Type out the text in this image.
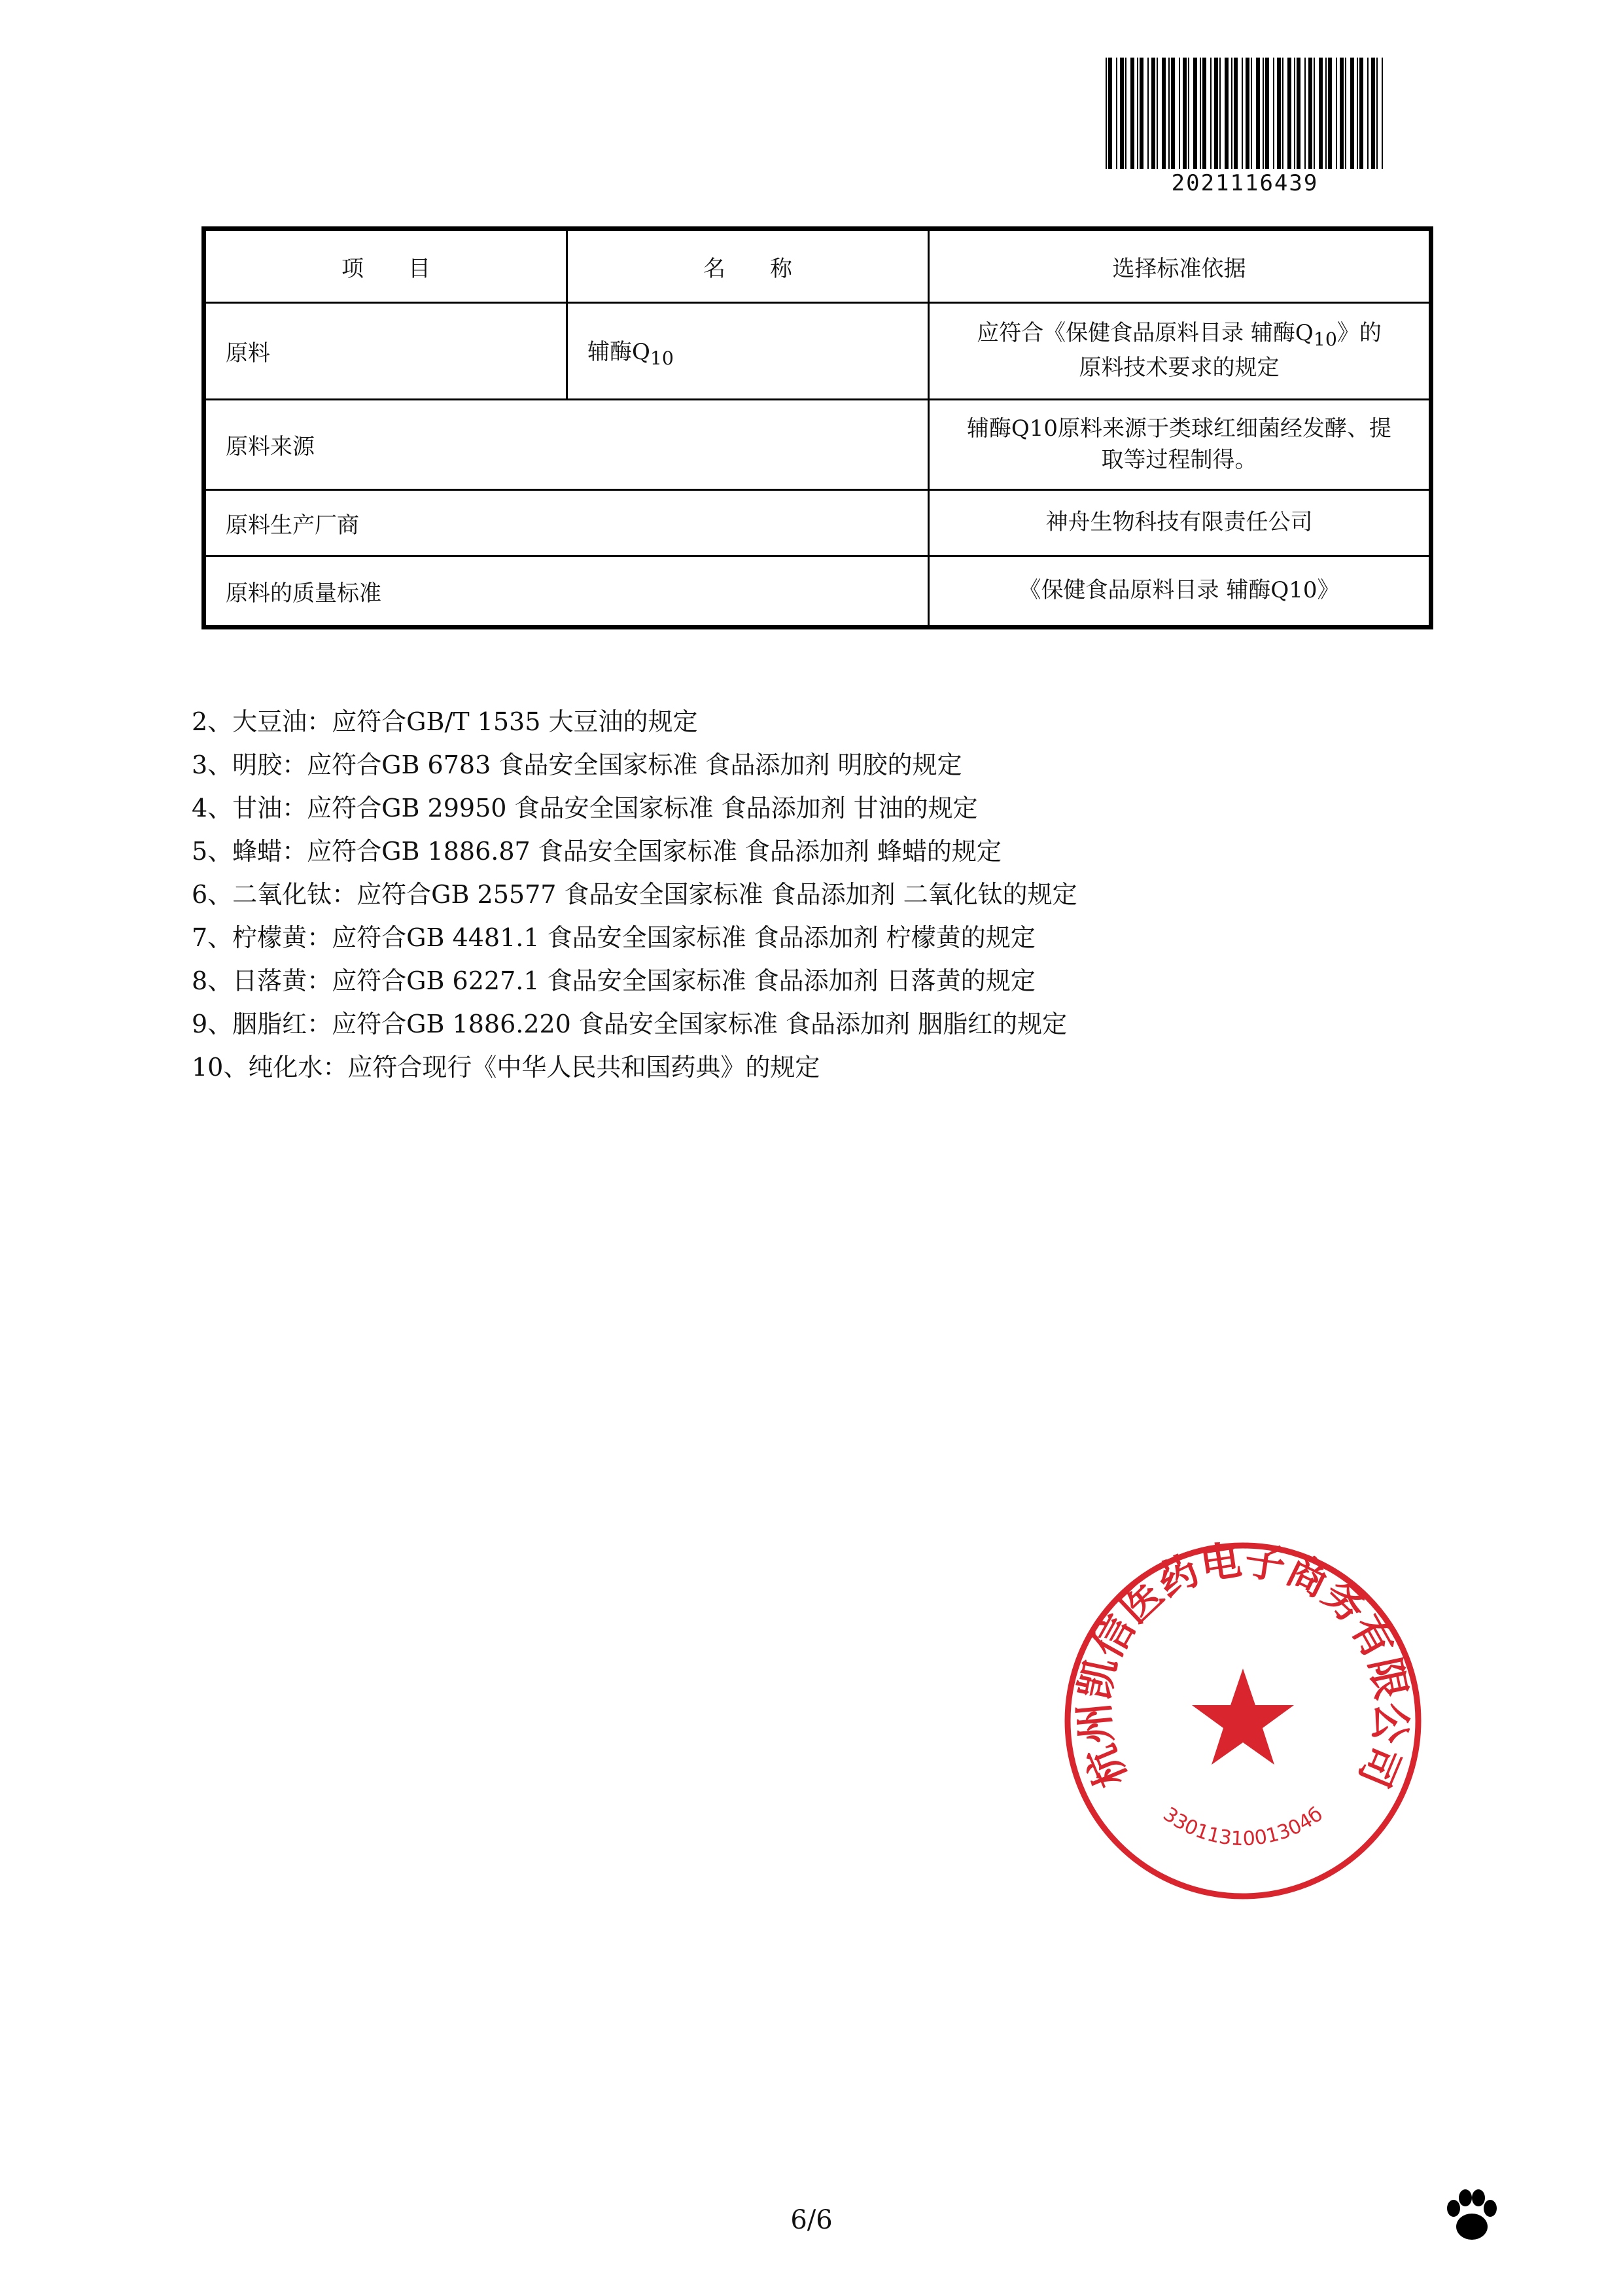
2021116439
项　　目	名　　称	选择标准依据
原料	辅酶$Q_{10}$	应符合《保健食品原料目录 辅酶$Q_{10}$》的
原料技术要求的规定

原料来源		辅酶Q10原料来源于类球红细菌经发酵、提
取等过程制得。

原料生产厂商		神舟生物科技有限责任公司
原料的质量标准		《保健食品原料目录 辅酶Q10》
2、大豆油：应符合GB/T 1535 大豆油的规定
3、明胶：应符合GB 6783 食品安全国家标准 食品添加剂 明胶的规定
4、甘油：应符合GB 29950 食品安全国家标准 食品添加剂 甘油的规定
5、蜂蜡：应符合GB 1886.87 食品安全国家标准 食品添加剂 蜂蜡的规定
6、二氧化钛：应符合GB 25577 食品安全国家标准 食品添加剂 二氧化钛的规定
7、柠檬黄：应符合GB 4481.1 食品安全国家标准 食品添加剂 柠檬黄的规定
8、日落黄：应符合GB 6227.1 食品安全国家标准 食品添加剂 日落黄的规定
9、胭脂红：应符合GB 1886.220 食品安全国家标准 食品添加剂 胭脂红的规定
10、纯化水：应符合现行《中华人民共和国药典》的规定
杭州凯信医药电子商务有限公司
3301131001304б
6/6
